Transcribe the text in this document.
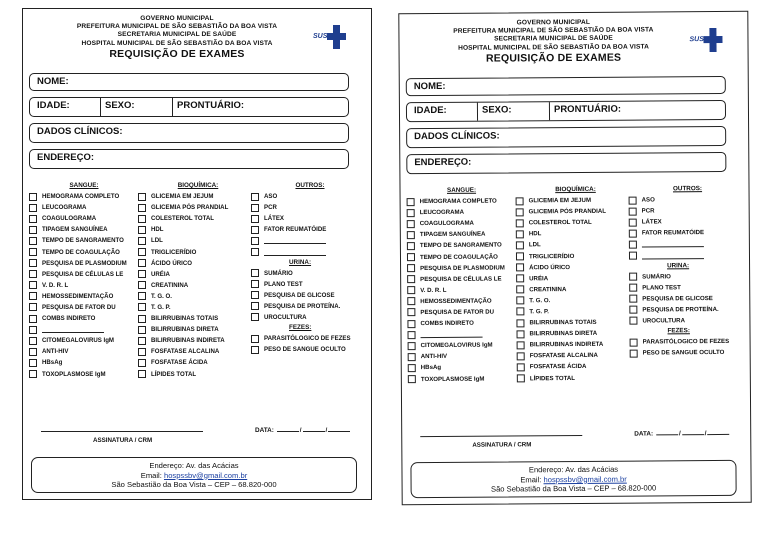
GOVERNO MUNICIPAL
PREFEITURA MUNICIPAL DE SÃO SEBASTIÃO DA BOA VISTA
SECRETARIA MUNICIPAL DE SAÚDE
HOSPITAL MUNICIPAL DE SÃO SEBASTIÃO DA BOA VISTA
REQUISIÇÃO DE EXAMES
SUS
NOME:
IDADE:	SEXO:	PRONTUÁRIO:
DADOS CLÍNICOS:
ENDEREÇO:
SANGUE:
HEMOGRAMA COMPLETO
LEUCOGRAMA
COAGULOGRAMA
TIPAGEM SANGUÍNEA
TEMPO DE SANGRAMENTO
TEMPO DE COAGULAÇÃO
PESQUISA DE PLASMODIUM
PESQUISA DE CÉLULAS LE
V. D. R. L
HEMOSSEDIMENTAÇÃO
PESQUISA DE FATOR DU
COMBS INDIRETO
CITOMEGALOVIRUS IgM
ANTI-HIV
HBsAg
TOXOPLASMOSE IgM
BIOQUÍMICA:
GLICEMIA EM JEJUM
GLICEMIA PÓS PRANDIAL
COLESTEROL TOTAL
HDL
LDL
TRIGLICERÍDIO
ÁCIDO ÚRICO
URÉIA
CREATININA
T. G. O.
T. G. P.
BILIRRUBINAS TOTAIS
BILIRRUBINAS DIRETA
BILIRRUBINAS INDIRETA
FOSFATASE ALCALINA
FOSFATASE ÁCIDA
LÍPIDES TOTAL
OUTROS:
ASO
PCR
LÁTEX
FATOR REUMATÓIDE
URINA:
SUMÁRIO
PLANO TEST
PESQUISA DE GLICOSE
PESQUISA DE PROTEÍNA.
UROCULTURA
FEZES:
PARASITÓLOGICO DE FEZES
PESO DE SANGUE OCULTO
ASSINATURA / CRM
DATA:	/	/
Endereço: Av. das Acácias
Email: hospssbv@gmail.com.br
São Sebastião da Boa Vista – CEP – 68.820-000
GOVERNO MUNICIPAL
PREFEITURA MUNICIPAL DE SÃO SEBASTIÃO DA BOA VISTA
SECRETARIA MUNICIPAL DE SAÚDE
HOSPITAL MUNICIPAL DE SÃO SEBASTIÃO DA BOA VISTA
REQUISIÇÃO DE EXAMES
SUS
NOME:
IDADE:	SEXO:	PRONTUÁRIO:
DADOS CLÍNICOS:
ENDEREÇO:
SANGUE:
HEMOGRAMA COMPLETO
LEUCOGRAMA
COAGULOGRAMA
TIPAGEM SANGUÍNEA
TEMPO DE SANGRAMENTO
TEMPO DE COAGULAÇÃO
PESQUISA DE PLASMODIUM
PESQUISA DE CÉLULAS LE
V. D. R. L
HEMOSSEDIMENTAÇÃO
PESQUISA DE FATOR DU
COMBS INDIRETO
CITOMEGALOVIRUS IgM
ANTI-HIV
HBsAg
TOXOPLASMOSE IgM
BIOQUÍMICA:
GLICEMIA EM JEJUM
GLICEMIA PÓS PRANDIAL
COLESTEROL TOTAL
HDL
LDL
TRIGLICERÍDIO
ÁCIDO ÚRICO
URÉIA
CREATININA
T. G. O.
T. G. P.
BILIRRUBINAS TOTAIS
BILIRRUBINAS DIRETA
BILIRRUBINAS INDIRETA
FOSFATASE ALCALINA
FOSFATASE ÁCIDA
LÍPIDES TOTAL
OUTROS:
ASO
PCR
LÁTEX
FATOR REUMATÓIDE
URINA:
SUMÁRIO
PLANO TEST
PESQUISA DE GLICOSE
PESQUISA DE PROTEÍNA.
UROCULTURA
FEZES:
PARASITÓLOGICO DE FEZES
PESO DE SANGUE OCULTO
ASSINATURA / CRM
DATA:	/	/
Endereço: Av. das Acácias
Email: hospssbv@gmail.com.br
São Sebastião da Boa Vista – CEP – 68.820-000
